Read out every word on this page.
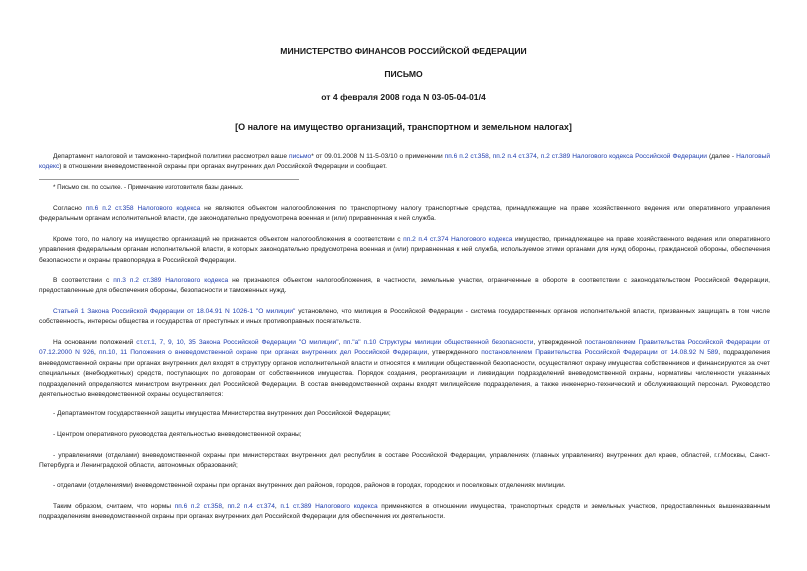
МИНИСТЕРСТВО ФИНАНСОВ РОССИЙСКОЙ ФЕДЕРАЦИИ
ПИСЬМО
от 4 февраля 2008 года N 03-05-04-01/4
[О налоге на имущество организаций, транспортном и земельном налогах]

Департамент налоговой и таможенно-тарифной политики рассмотрел ваше письмо* от 09.01.2008 N 11-5-03/10 о применении пп.6 п.2 ст.358, пп.2 п.4 ст.374, п.2 ст.389 Налогового кодекса Российской Федерации (далее - Налоговый кодекс) в отношении вневедомственной охраны при органах внутренних дел Российской Федерации и сообщает.

* Письмо см. по ссылке. - Примечание изготовителя базы данных.

Согласно пп.6 п.2 ст.358 Налогового кодекса не являются объектом налогообложения по транспортному налогу транспортные средства, принадлежащие на праве хозяйственного ведения или оперативного управления федеральным органам исполнительной власти, где законодательно предусмотрена военная и (или) приравненная к ней служба.

Кроме того, по налогу на имущество организаций не признается объектом налогообложения в соответствии с пп.2 п.4 ст.374 Налогового кодекса имущество, принадлежащее на праве хозяйственного ведения или оперативного управления федеральным органам исполнительной власти, в которых законодательно предусмотрена военная и (или) приравненная к ней служба, используемое этими органами для нужд обороны, гражданской обороны, обеспечения безопасности и охраны правопорядка в Российской Федерации.

В соответствии с пп.3 п.2 ст.389 Налогового кодекса не признаются объектом налогообложения, в частности, земельные участки, ограниченные в обороте в соответствии с законодательством Российской Федерации, предоставленные для обеспечения обороны, безопасности и таможенных нужд.

Статьей 1 Закона Российской Федерации от 18.04.91 N 1026-1 "О милиции" установлено, что милиция в Российской Федерации - система государственных органов исполнительной власти, призванных защищать в том числе собственность, интересы общества и государства от преступных и иных противоправных посягательств.

На основании положений ст.ст.1, 7, 9, 10, 35 Закона Российской Федерации "О милиции", пп."а" п.10 Структуры милиции общественной безопасности, утвержденной постановлением Правительства Российской Федерации от 07.12.2000 N 926, пп.10, 11 Положения о вневедомственной охране при органах внутренних дел Российской Федерации, утвержденного постановлением Правительства Российской Федерации от 14.08.92 N 589, подразделения вневедомственной охраны при органах внутренних дел входят в структуру органов исполнительной власти и относятся к милиции общественной безопасности, осуществляют охрану имущества собственников и финансируются за счет специальных (внебюджетных) средств, поступающих по договорам от собственников имущества. Порядок создания, реорганизации и ликвидации подразделений вневедомственной охраны, нормативы численности указанных подразделений определяются министром внутренних дел Российской Федерации. В состав вневедомственной охраны входят милицейские подразделения, а также инженерно-технический и обслуживающий персонал. Руководство деятельностью вневедомственной охраны осуществляется:

- Департаментом государственной защиты имущества Министерства внутренних дел Российской Федерации;

- Центром оперативного руководства деятельностью вневедомственной охраны;

- управлениями (отделами) вневедомственной охраны при министерствах внутренних дел республик в составе Российской Федерации, управлениях (главных управлениях) внутренних дел краев, областей, г.г.Москвы, Санкт-Петербурга и Ленинградской области, автономных образований;

- отделами (отделениями) вневедомственной охраны при органах внутренних дел районов, городов, районов в городах, городских и поселковых отделениях милиции.

Таким образом, считаем, что нормы пп.6 п.2 ст.358, пп.2 п.4 ст.374, п.1 ст.389 Налогового кодекса применяются в отношении имущества, транспортных средств и земельных участков, предоставленных вышеназванным подразделениям вневедомственной охраны при органах внутренних дел Российской Федерации для обеспечения их деятельности.
